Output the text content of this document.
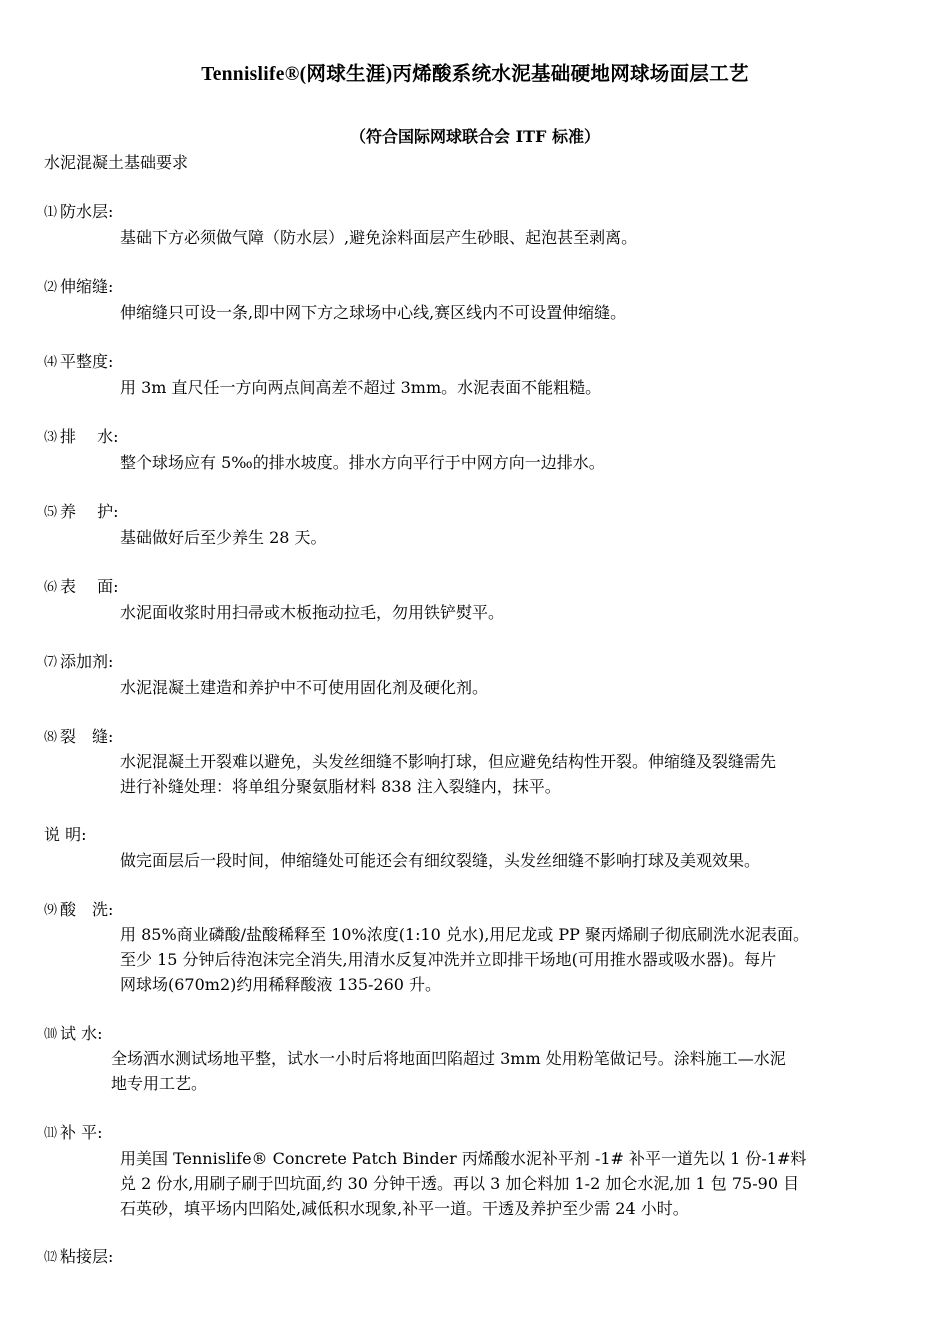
Tennislife®(网球生涯)丙烯酸系统水泥基础硬地网球场面层工艺
（符合国际网球联合会 ITF 标准）
水泥混凝土基础要求
⑴ 防水层:
基础下方必须做气障（防水层）,避免涂料面层产生砂眼、起泡甚至剥离。
⑵ 伸缩缝:
伸缩缝只可设一条,即中网下方之球场中心线,赛区线内不可设置伸缩缝。
⑷ 平整度:
用 3m 直尺任一方向两点间高差不超过 3mm。水泥表面不能粗糙。
⑶ 排　 水:
整个球场应有 5‰的排水坡度。排水方向平行于中网方向一边排水。
⑸ 养　 护:
基础做好后至少养生 28 天。
⑹ 表　 面:
水泥面收浆时用扫帚或木板拖动拉毛，勿用铁铲熨平。
⑺ 添加剂:
水泥混凝土建造和养护中不可使用固化剂及硬化剂。
⑻ 裂　缝:
水泥混凝土开裂难以避免，头发丝细缝不影响打球，但应避免结构性开裂。伸缩缝及裂缝需先
进行补缝处理：将单组分聚氨脂材料 838 注入裂缝内，抹平。
说 明:
做完面层后一段时间，伸缩缝处可能还会有细纹裂缝，头发丝细缝不影响打球及美观效果。
⑼ 酸　洗:
用 85%商业磷酸/盐酸稀释至 10%浓度(1:10 兑水),用尼龙或 PP 聚丙烯刷子彻底刷洗水泥表面。
至少 15 分钟后待泡沫完全消失,用清水反复冲洗并立即排干场地(可用推水器或吸水器)。每片
网球场(670m2)约用稀释酸液 135-260 升。
⑽ 试 水:
全场洒水测试场地平整，试水一小时后将地面凹陷超过 3mm 处用粉笔做记号。涂料施工—水泥
地专用工艺。
⑾ 补 平:
用美国 Tennislife® Concrete Patch Binder 丙烯酸水泥补平剂 -1# 补平一道先以 1 份-1#料
兑 2 份水,用刷子刷于凹坑面,约 30 分钟干透。再以 3 加仑料加 1-2 加仑水泥,加 1 包 75-90 目
石英砂，填平场内凹陷处,减低积水现象,补平一道。干透及养护至少需 24 小时。
⑿ 粘接层:
